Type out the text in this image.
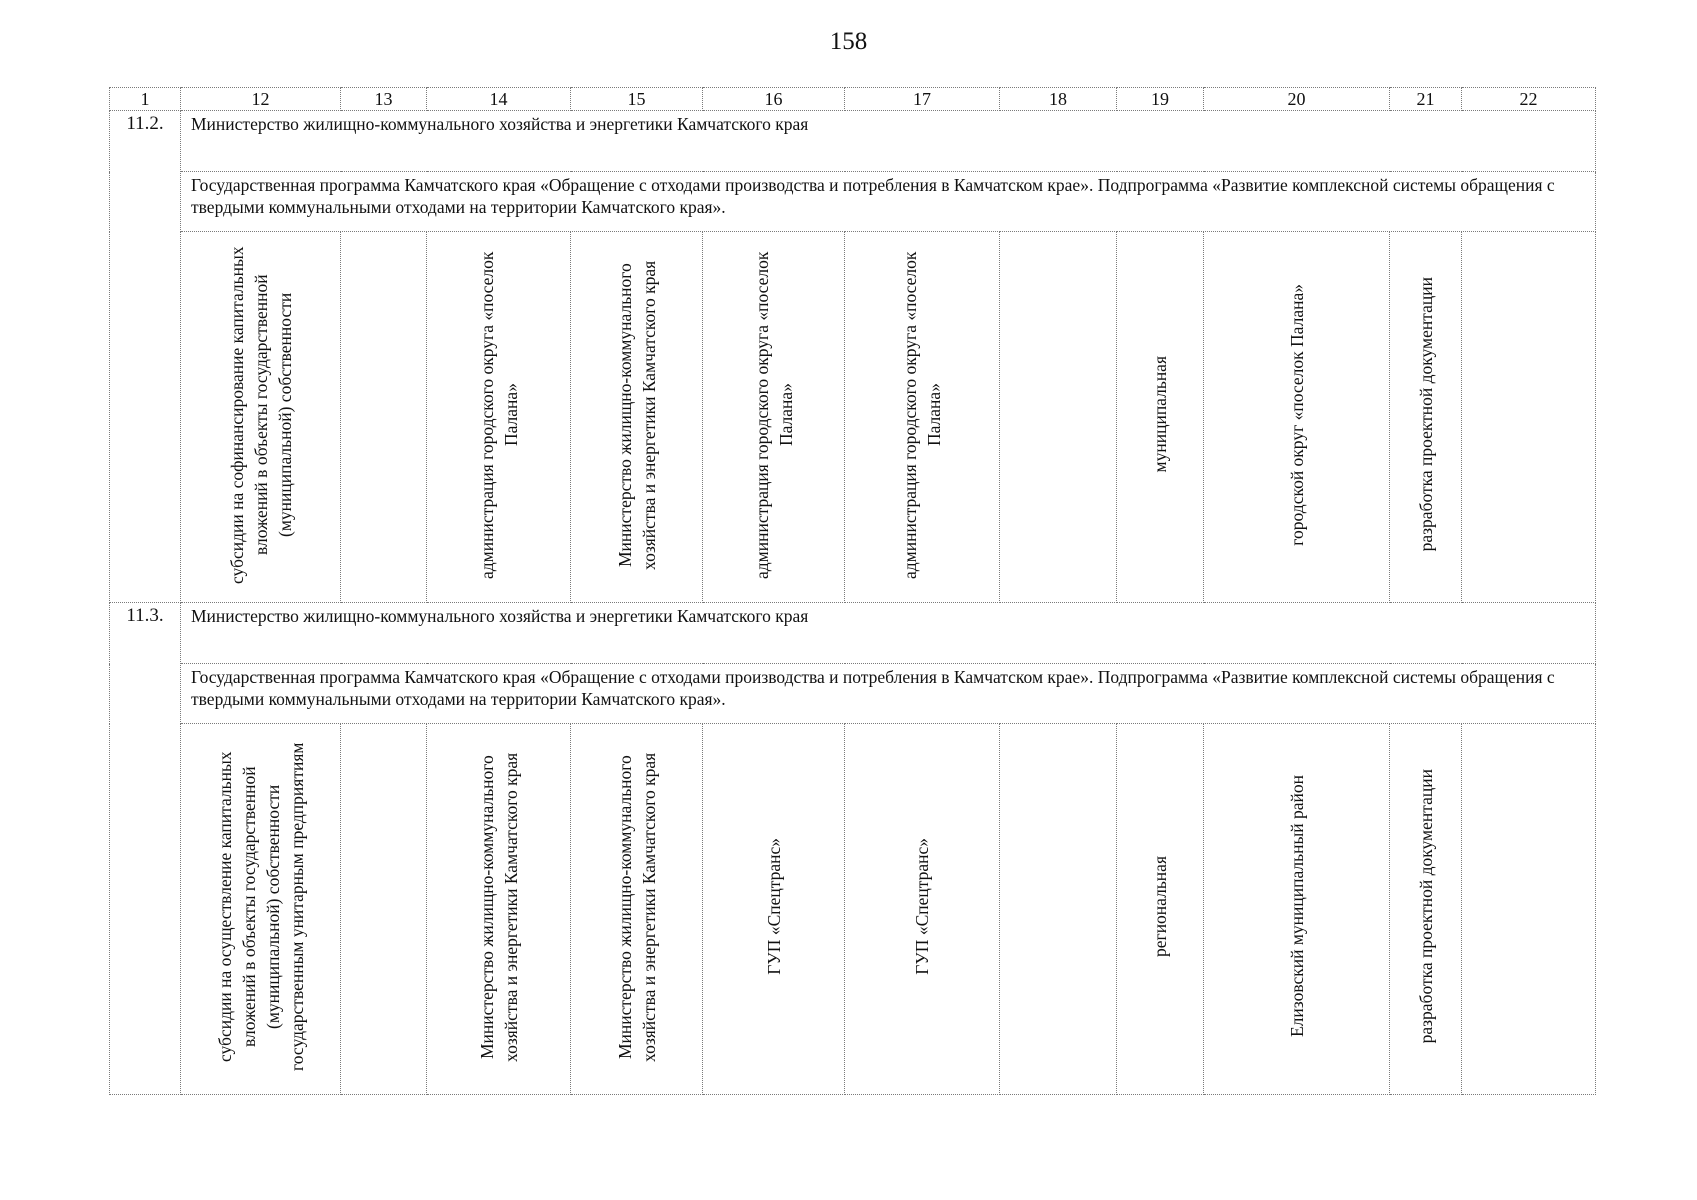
158
1	12	13	14	15	16	17	18	19	20	21	22
11.2.	Министерство жилищно-коммунального хозяйства и энергетики Камчатского края										
	Государственная программа Камчатского края «Обращение с отходами производства и потребления в Камчатском крае». Подпрограмма «Развитие комплексной системы обращения с твердыми коммунальными отходами на территории Камчатского края».										
	субсидии на софинансирование капитальных вложений в объекты государственной (муниципальной) собственности		администрация городского округа «поселок Палана»	Министерство жилищно-коммунального хозяйства и энергетики Камчатского края	администрация городского округа «поселок Палана»	администрация городского округа «поселок Палана»		муниципальная	городской округ «поселок Палана»	разработка проектной документации	
11.3.	Министерство жилищно-коммунального хозяйства и энергетики Камчатского края										
	Государственная программа Камчатского края «Обращение с отходами производства и потребления в Камчатском крае». Подпрограмма «Развитие комплексной системы обращения с твердыми коммунальными отходами на территории Камчатского края».										
	субсидии на осуществление капитальных вложений в объекты государственной (муниципальной) собственности государственным унитарным предприятиям		Министерство жилищно-коммунального хозяйства и энергетики Камчатского края	Министерство жилищно-коммунального хозяйства и энергетики Камчатского края	ГУП «Спецтранс»	ГУП «Спецтранс»		региональная	Елизовский муниципальный район	разработка проектной документации	
